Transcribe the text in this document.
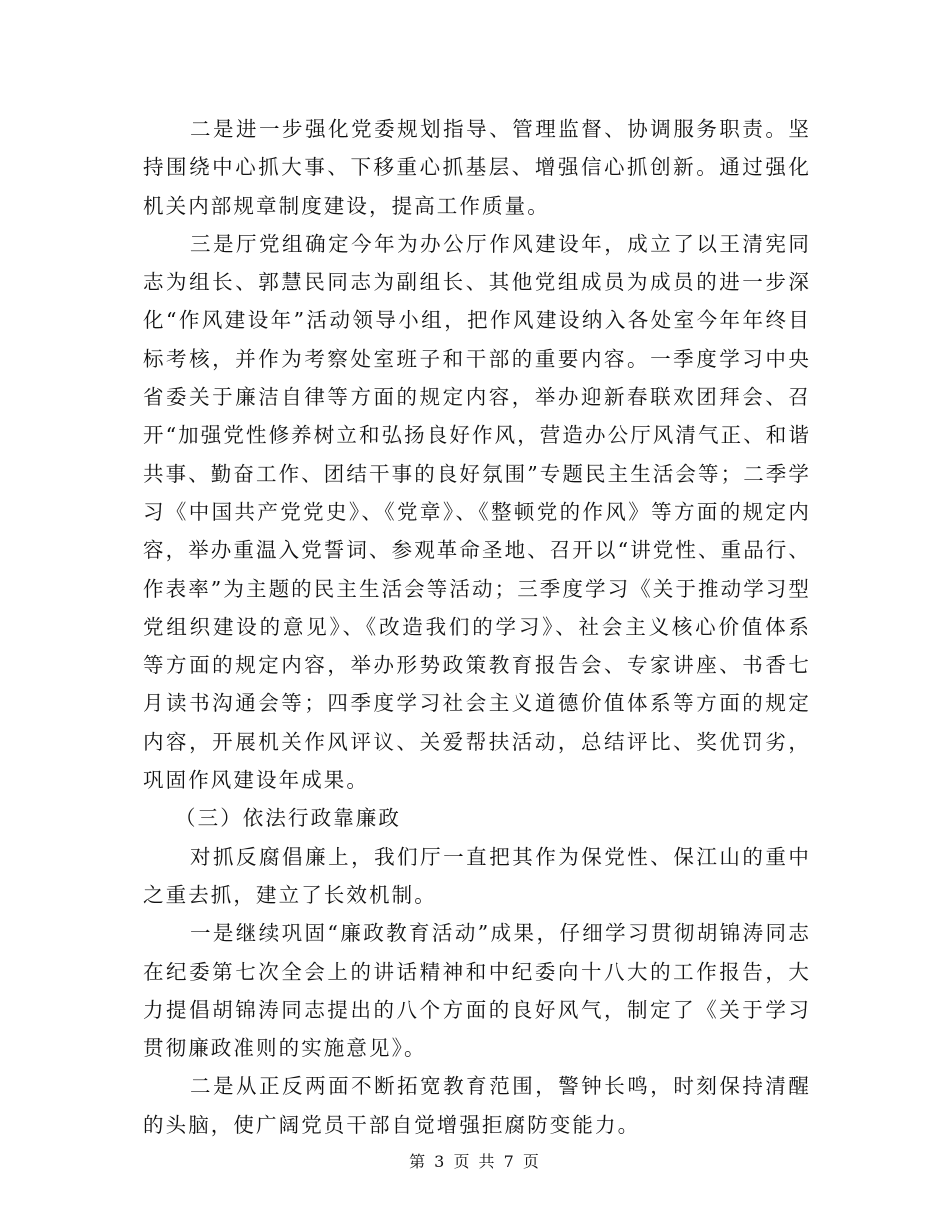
二是进一步强化党委规划指导、管理监督、协调服务职责。坚持围绕中心抓大事、下移重心抓基层、增强信心抓创新。通过强化机关内部规章制度建设，提高工作质量。

三是厅党组确定今年为办公厅作风建设年，成立了以王清宪同志为组长、郭慧民同志为副组长、其他党组成员为成员的进一步深化“作风建设年”活动领导小组，把作风建设纳入各处室今年年终目标考核，并作为考察处室班子和干部的重要内容。一季度学习中央省委关于廉洁自律等方面的规定内容，举办迎新春联欢团拜会、召开“加强党性修养树立和弘扬良好作风，营造办公厅风清气正、和谐共事、勤奋工作、团结干事的良好氛围”专题民主生活会等；二季学习《中国共产党党史》、《党章》、《整顿党的作风》等方面的规定内容，举办重温入党誓词、参观革命圣地、召开以“讲党性、重品行、作表率”为主题的民主生活会等活动；三季度学习《关于推动学习型党组织建设的意见》、《改造我们的学习》、社会主义核心价值体系等方面的规定内容，举办形势政策教育报告会、专家讲座、书香七月读书沟通会等；四季度学习社会主义道德价值体系等方面的规定内容，开展机关作风评议、关爱帮扶活动，总结评比、奖优罚劣，巩固作风建设年成果。

（三）依法行政靠廉政

对抓反腐倡廉上，我们厅一直把其作为保党性、保江山的重中之重去抓，建立了长效机制。

一是继续巩固“廉政教育活动”成果，仔细学习贯彻胡锦涛同志在纪委第七次全会上的讲话精神和中纪委向十八大的工作报告，大力提倡胡锦涛同志提出的八个方面的良好风气，制定了《关于学习贯彻廉政准则的实施意见》。

二是从正反两面不断拓宽教育范围，警钟长鸣，时刻保持清醒的头脑，使广阔党员干部自觉增强拒腐防变能力。

第 3 页 共 7 页
